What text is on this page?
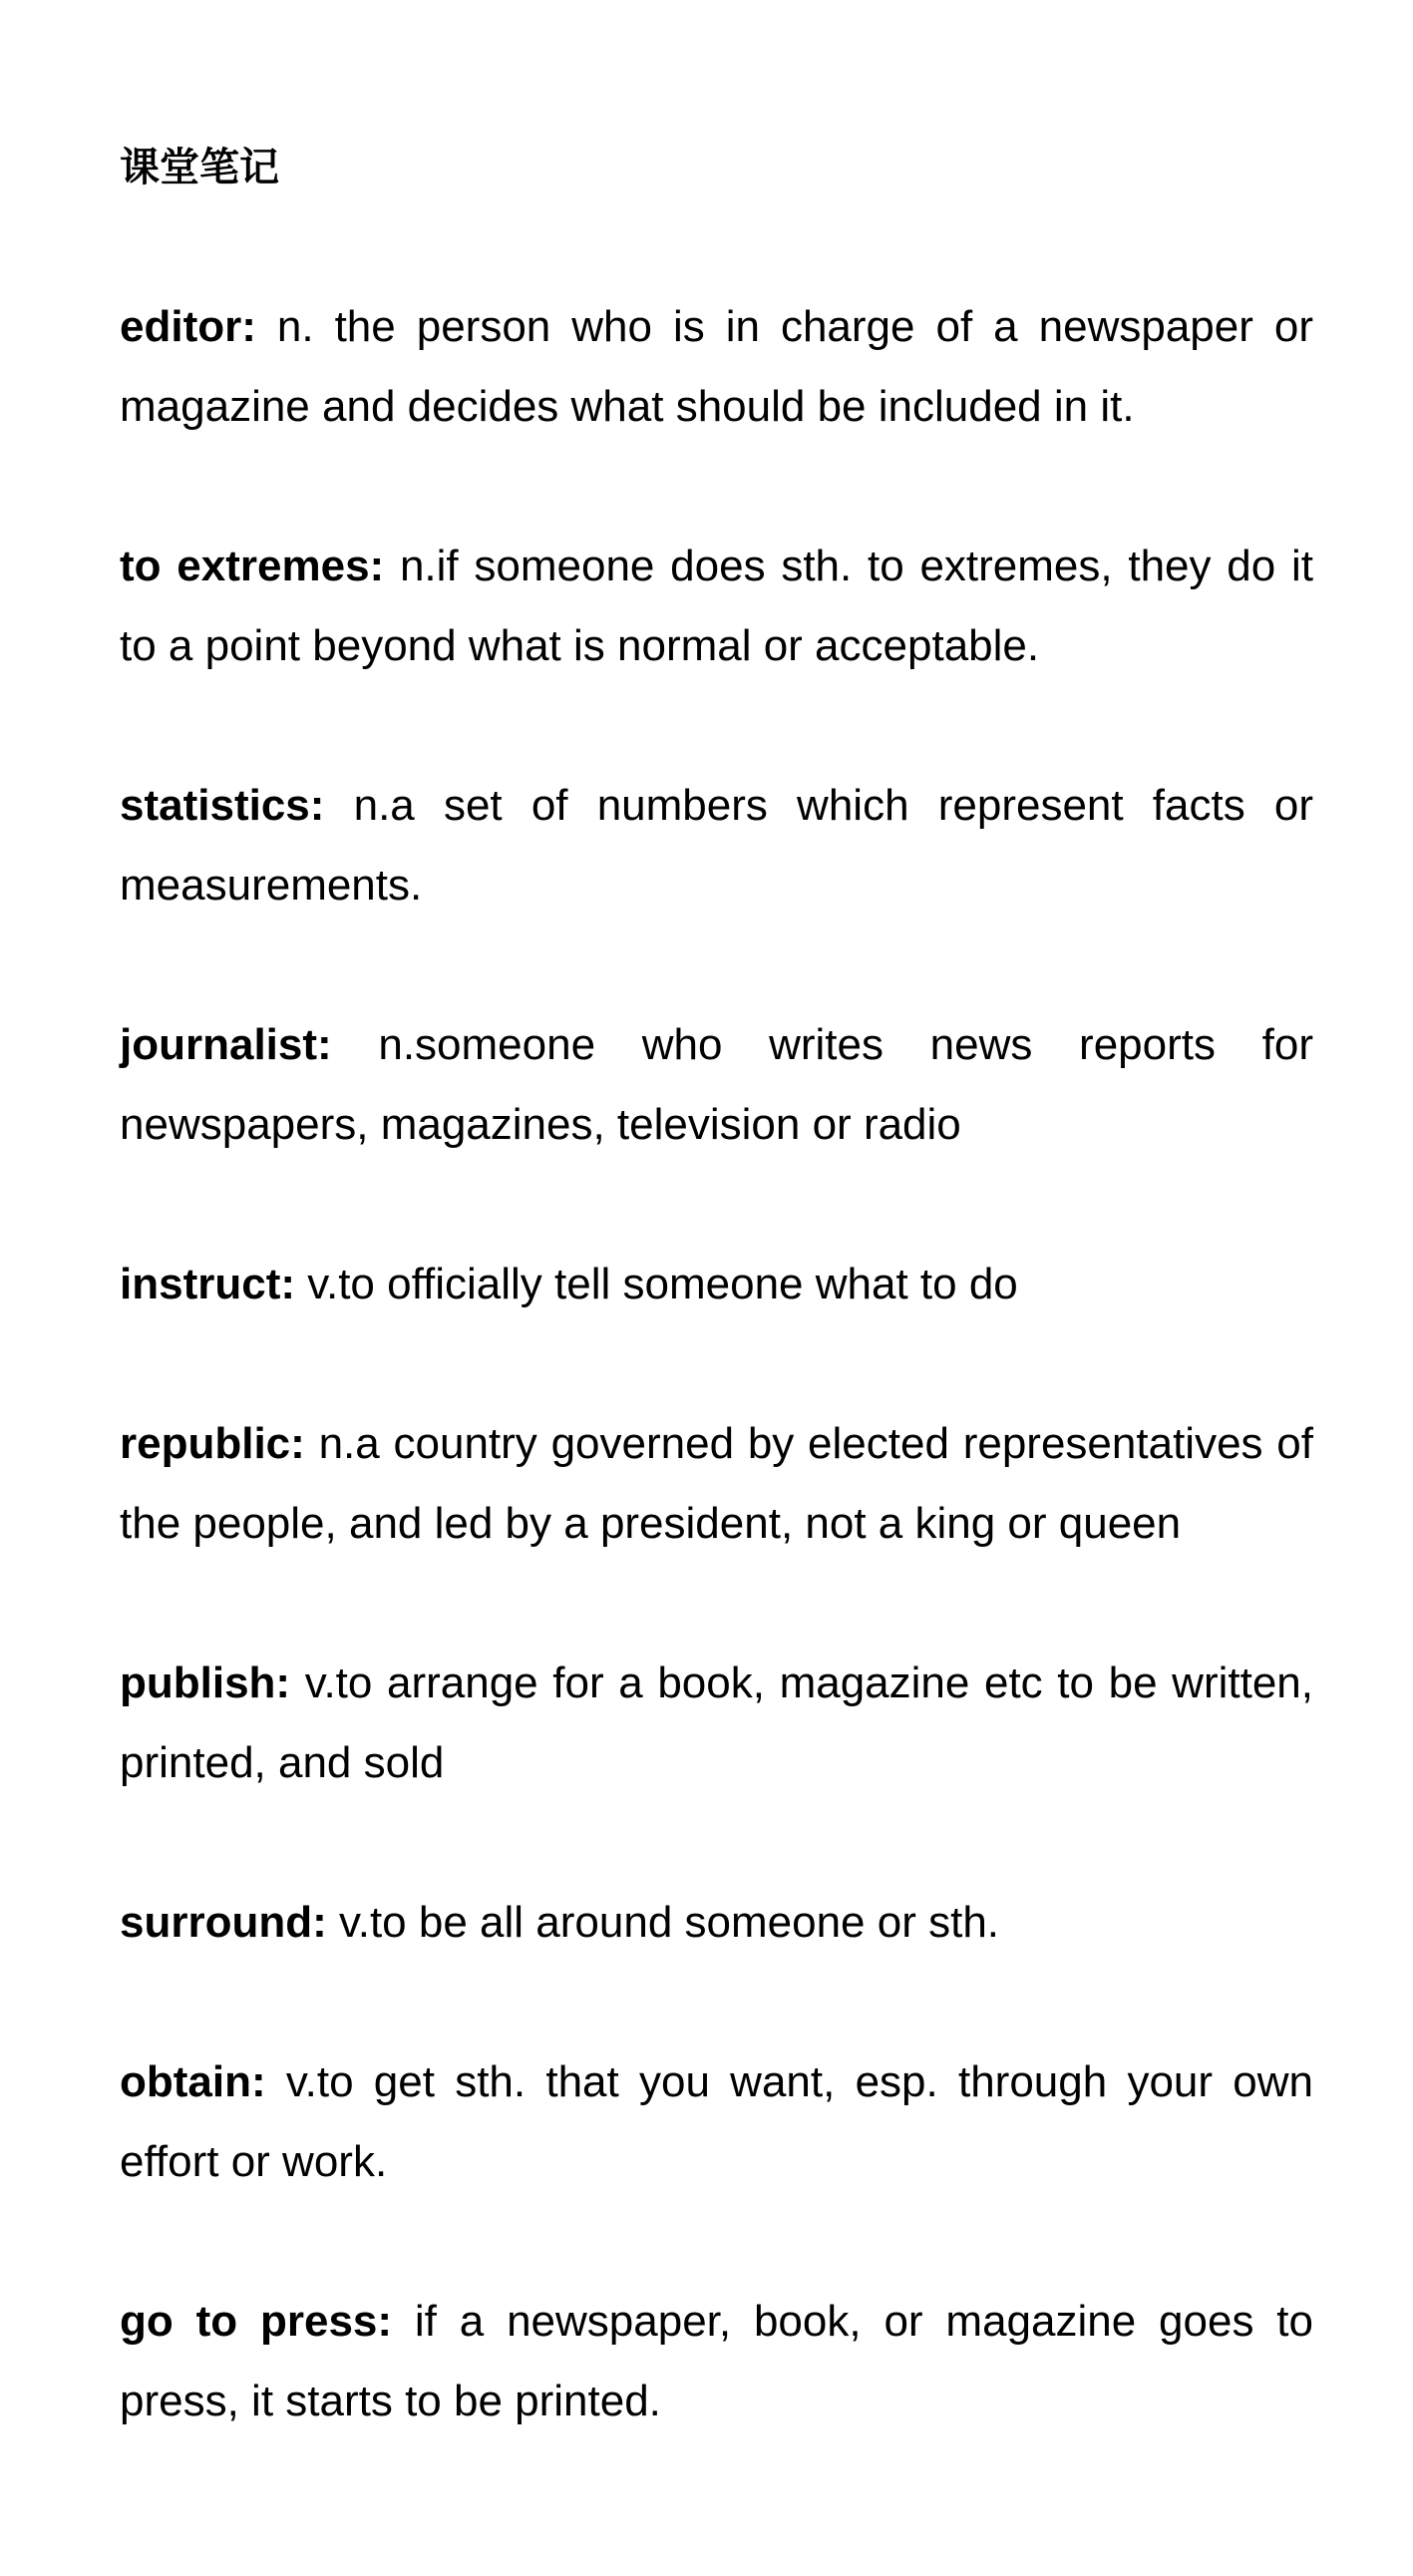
课堂笔记

editor: n. the person who is in charge of a newspaper or magazine and decides what should be included in it.

to extremes: n.if someone does sth. to extremes, they do it to a point beyond what is normal or acceptable.

statistics: n.a set of numbers which represent facts or measurements.

journalist: n.someone who writes news reports for newspapers, magazines, television or radio

instruct: v.to officially tell someone what to do

republic: n.a country governed by elected representatives of the people, and led by a president, not a king or queen

publish: v.to arrange for a book, magazine etc to be written, printed, and sold

surround: v.to be all around someone or sth.

obtain: v.to get sth. that you want, esp. through your own effort or work.

go to press: if a newspaper, book, or magazine goes to press, it starts to be printed.
